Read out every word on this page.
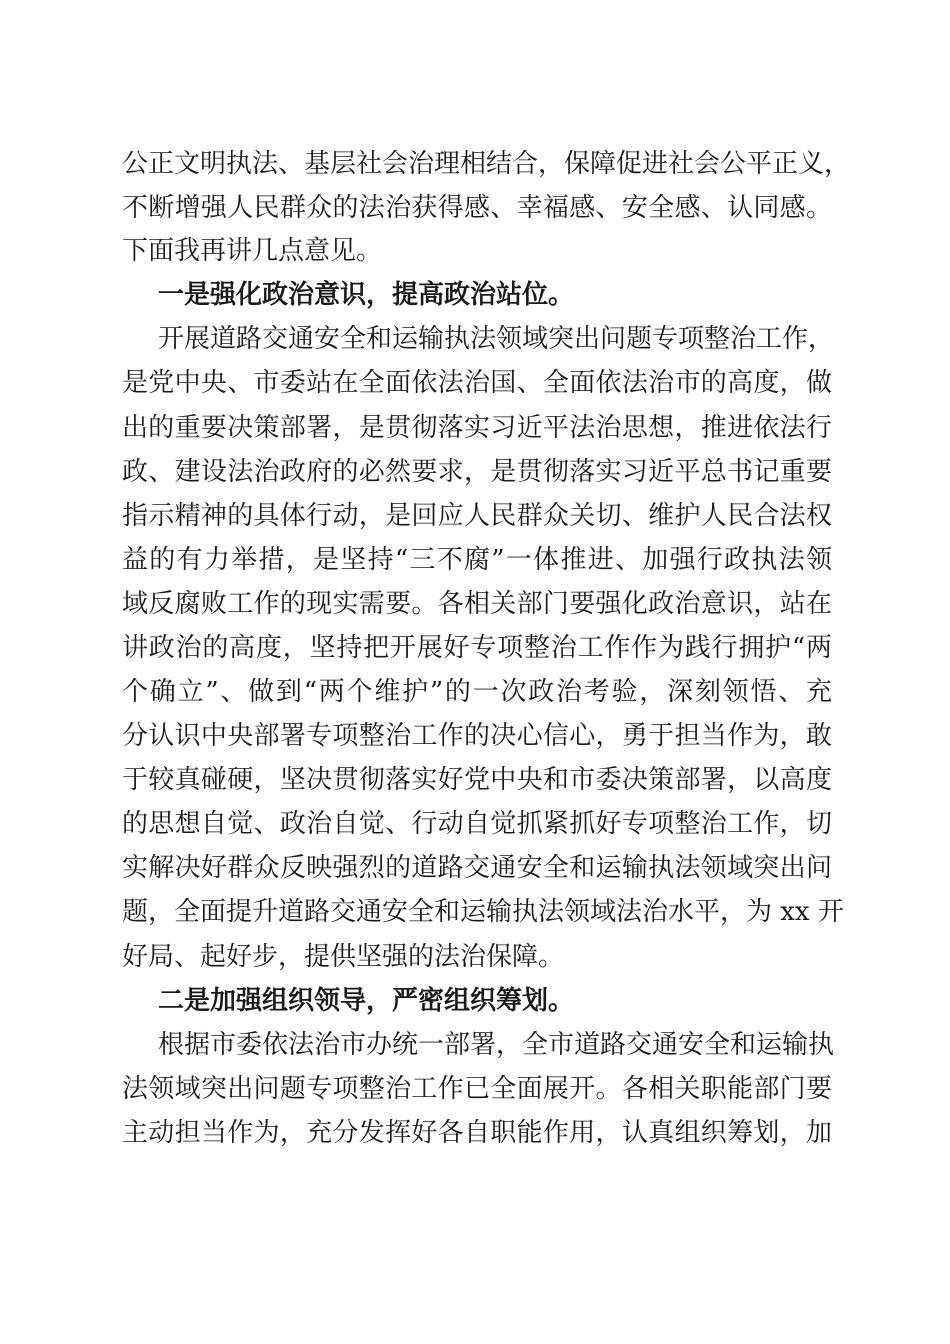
公正文明执法、基层社会治理相结合，保障促进社会公平正义，

不断增强人民群众的法治获得感、幸福感、安全感、认同感。

下面我再讲几点意见。

一是强化政治意识，提高政治站位。

开展道路交通安全和运输执法领域突出问题专项整治工作，

是党中央、市委站在全面依法治国、全面依法治市的高度，做

出的重要决策部署，是贯彻落实习近平法治思想，推进依法行

政、建设法治政府的必然要求，是贯彻落实习近平总书记重要

指示精神的具体行动，是回应人民群众关切、维护人民合法权

益的有力举措，是坚持“三不腐”一体推进、加强行政执法领

域反腐败工作的现实需要。各相关部门要强化政治意识，站在

讲政治的高度，坚持把开展好专项整治工作作为践行拥护“两

个确立”、做到“两个维护”的一次政治考验，深刻领悟、充

分认识中央部署专项整治工作的决心信心，勇于担当作为，敢

于较真碰硬，坚决贯彻落实好党中央和市委决策部署，以高度

的思想自觉、政治自觉、行动自觉抓紧抓好专项整治工作，切

实解决好群众反映强烈的道路交通安全和运输执法领域突出问

题，全面提升道路交通安全和运输执法领域法治水平，为 xx 开

好局、起好步，提供坚强的法治保障。

二是加强组织领导，严密组织筹划。

根据市委依法治市办统一部署，全市道路交通安全和运输执

法领域突出问题专项整治工作已全面展开。各相关职能部门要

主动担当作为，充分发挥好各自职能作用，认真组织筹划，加
